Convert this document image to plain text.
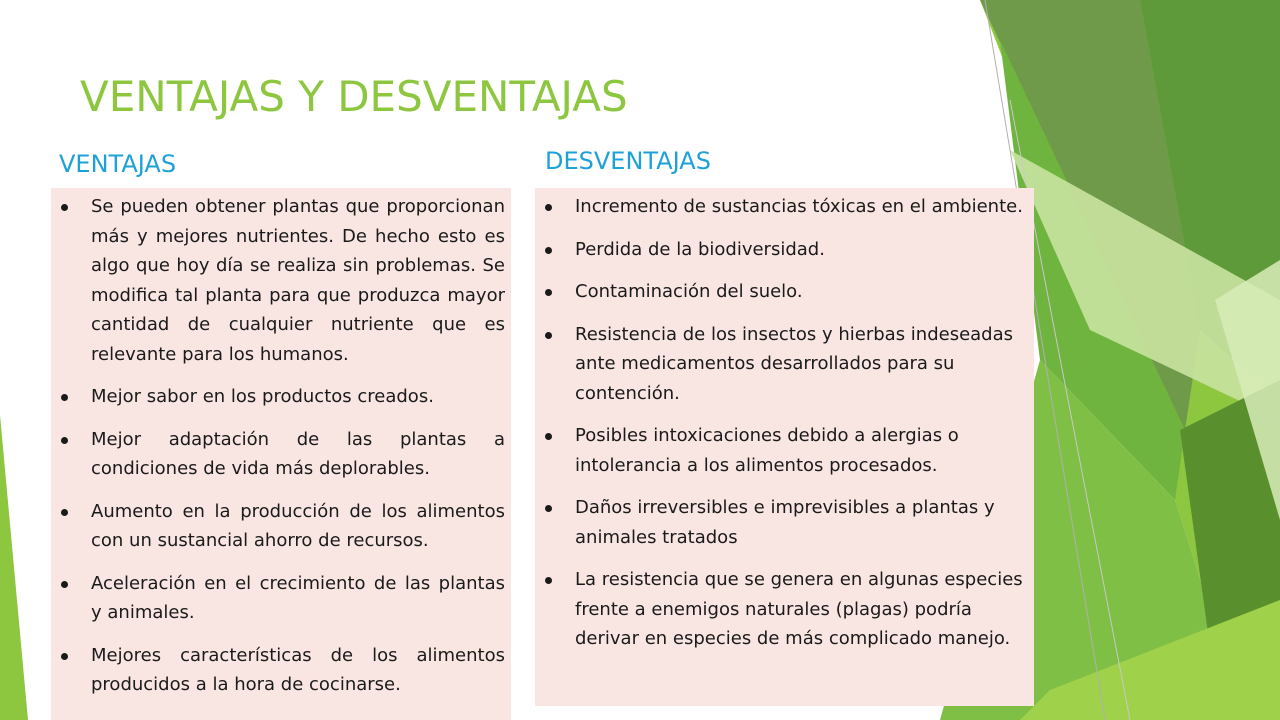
VENTAJAS Y DESVENTAJAS
VENTAJAS	DESVENTAJAS
Se pueden obtener plantas que proporcionan más y mejores nutrientes. De hecho esto es algo que hoy día se realiza sin problemas. Se modifica tal planta para que produzca mayor cantidad de cualquier nutriente que es relevante para los humanos.
Mejor sabor en los productos creados.
Mejor adaptación de las plantas a condiciones de vida más deplorables.
Aumento en la producción de los alimentos con un sustancial ahorro de recursos.
Aceleración en el crecimiento de las plantas y animales.
Mejores características de los alimentos producidos a la hora de cocinarse.
Incremento de sustancias tóxicas en el ambiente.
Perdida de la biodiversidad.
Contaminación del suelo.
Resistencia de los insectos y hierbas indeseadas ante medicamentos desarrollados para su contención.
Posibles intoxicaciones debido a alergias o intolerancia a los alimentos procesados.
Daños irreversibles e imprevisibles a plantas y animales tratados
La resistencia que se genera en algunas especies frente a enemigos naturales (plagas) podría derivar en especies de más complicado manejo.
